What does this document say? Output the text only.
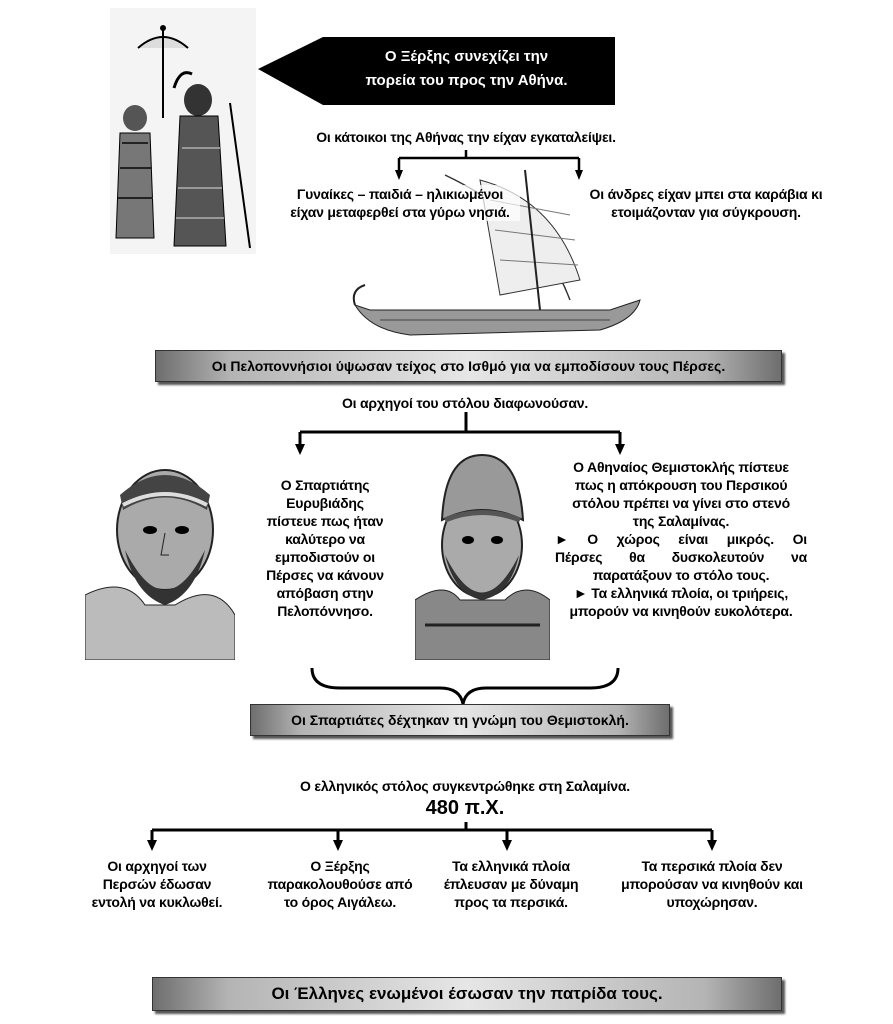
Ο Ξέρξης συνεχίζει την
πορεία του προς την Αθήνα.
Οι κάτοικοι της Αθήνας την είχαν εγκαταλείψει.
Γυναίκες – παιδιά – ηλικιωμένοι
είχαν μεταφερθεί στα γύρω νησιά.
Οι άνδρες είχαν μπει στα καράβια κι
ετοιμάζονταν για σύγκρουση.
Οι Πελοποννήσιοι ύψωσαν τείχος στο Ισθμό για να εμποδίσουν τους Πέρσες.
Οι αρχηγοί του στόλου διαφωνούσαν.
Ο Σπαρτιάτης
Ευρυβιάδης
πίστευε πως ήταν
καλύτερο να
εμποδιστούν οι
Πέρσες να κάνουν
απόβαση στην
Πελοπόννησο.
Ο Αθηναίος Θεμιστοκλής πίστευε
πως η απόκρουση του Περσικού
στόλου πρέπει να γίνει στο στενό
της Σαλαμίνας.
► Ο χώρος είναι μικρός. Οι
Πέρσες θα δυσκολευτούν να
παρατάξουν το στόλο τους.
► Τα ελληνικά πλοία, οι τριήρεις,
μπορούν να κινηθούν ευκολότερα.
Οι Σπαρτιάτες δέχτηκαν τη γνώμη του Θεμιστοκλή.
Ο ελληνικός στόλος συγκεντρώθηκε στη Σαλαμίνα.
480 π.Χ.
Οι αρχηγοί των
Περσών έδωσαν
εντολή να κυκλωθεί.
Ο Ξέρξης
παρακολουθούσε από
το όρος Αιγάλεω.
Τα ελληνικά πλοία
έπλευσαν με δύναμη
προς τα περσικά.
Τα περσικά πλοία δεν
μπορούσαν να κινηθούν και
υποχώρησαν.
Οι Έλληνες ενωμένοι έσωσαν την πατρίδα τους.
